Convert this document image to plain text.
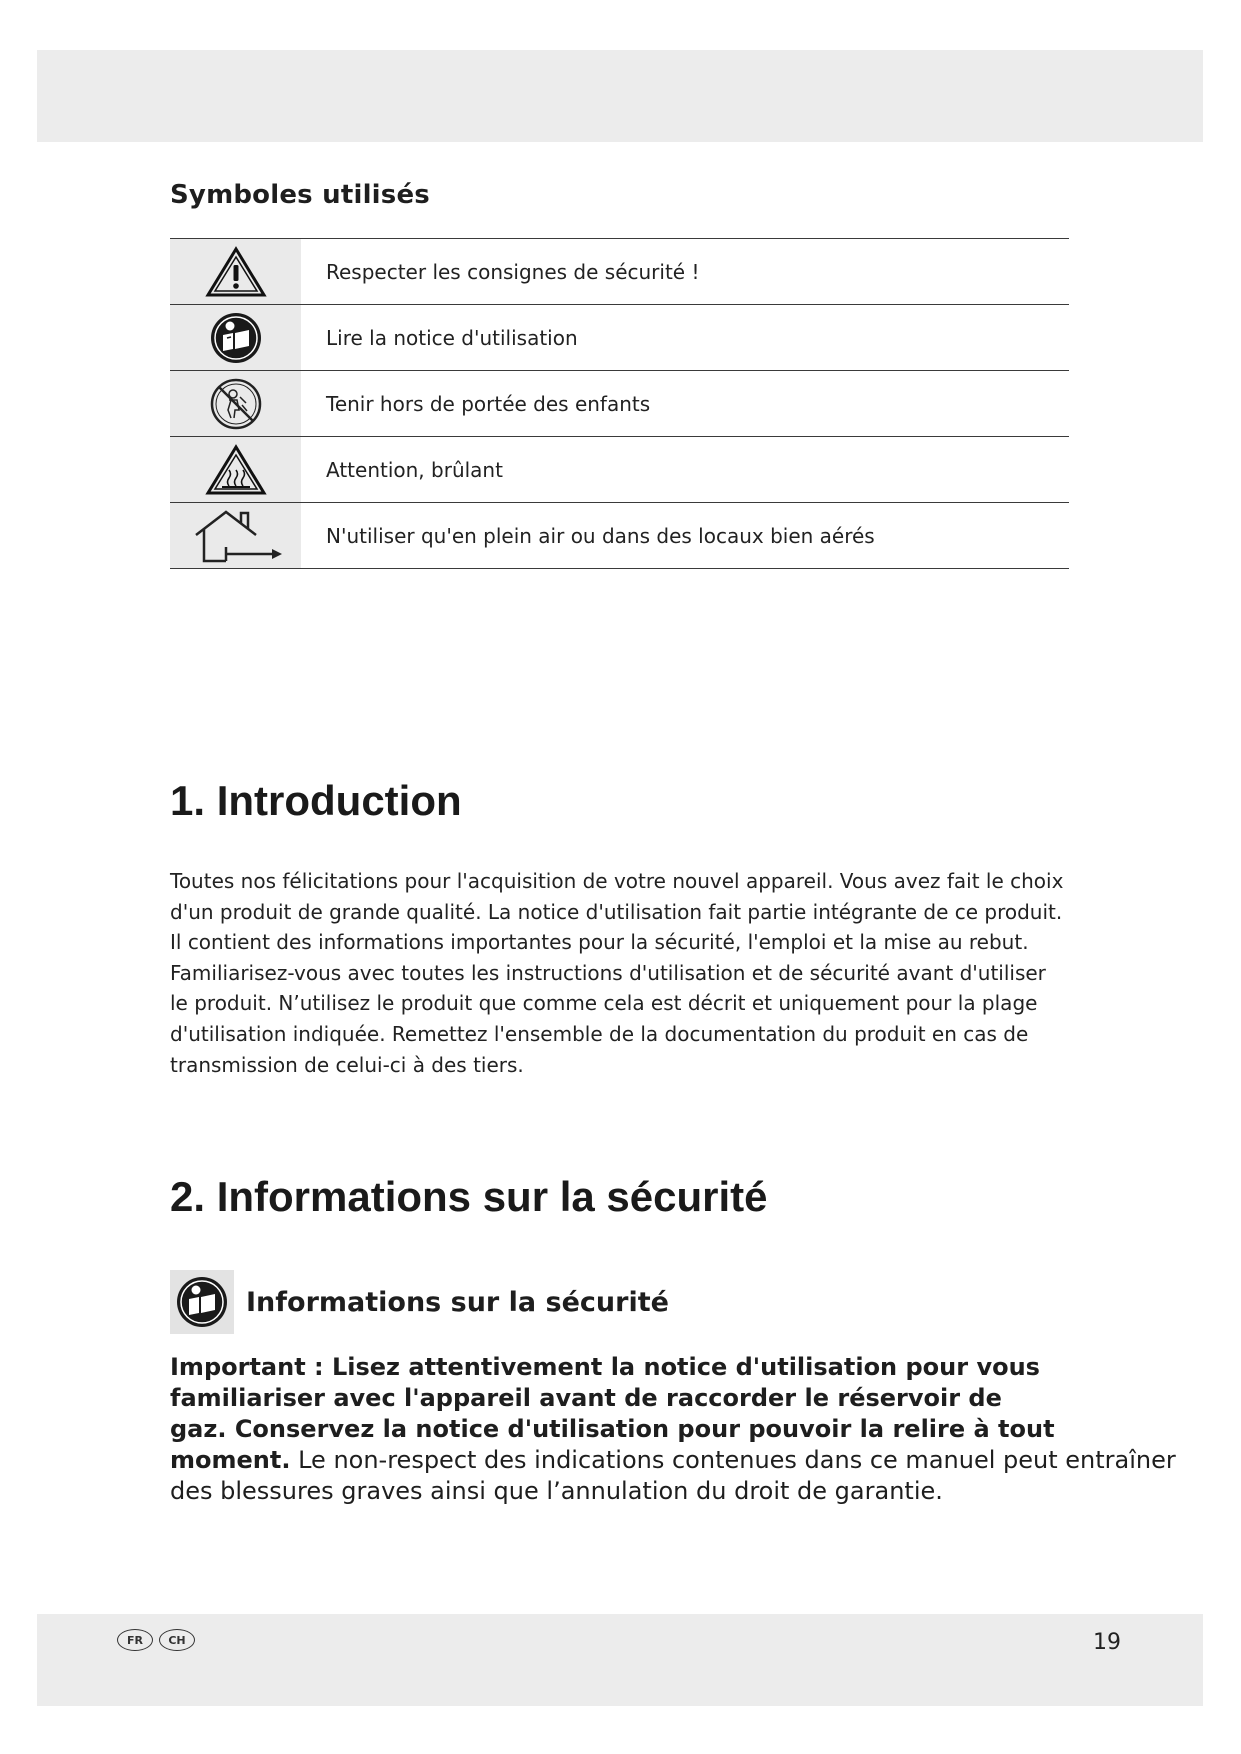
Symboles utilisés
Respecter les consignes de sécurité !
Lire la notice d'utilisation
Tenir hors de portée des enfants
Attention, brûlant
N'utiliser qu'en plein air ou dans des locaux bien aérés
1. Introduction
Toutes nos félicitations pour l'acquisition de votre nouvel appareil. Vous avez fait le choix
d'un produit de grande qualité. La notice d'utilisation fait partie intégrante de ce produit.
Il contient des informations importantes pour la sécurité, l'emploi et la mise au rebut.
Familiarisez-vous avec toutes les instructions d'utilisation et de sécurité avant d'utiliser
le produit. N’utilisez le produit que comme cela est décrit et uniquement pour la plage
d'utilisation indiquée. Remettez l'ensemble de la documentation du produit en cas de
transmission de celui-ci à des tiers.
2. Informations sur la sécurité
Informations sur la sécurité
Important : Lisez attentivement la notice d'utilisation pour vous
familiariser avec l'appareil avant de raccorder le réservoir de
gaz. Conservez la notice d'utilisation pour pouvoir la relire à tout
moment. Le non-respect des indications contenues dans ce manuel peut entraîner
des blessures graves ainsi que l’annulation du droit de garantie.
FR	CH	19
